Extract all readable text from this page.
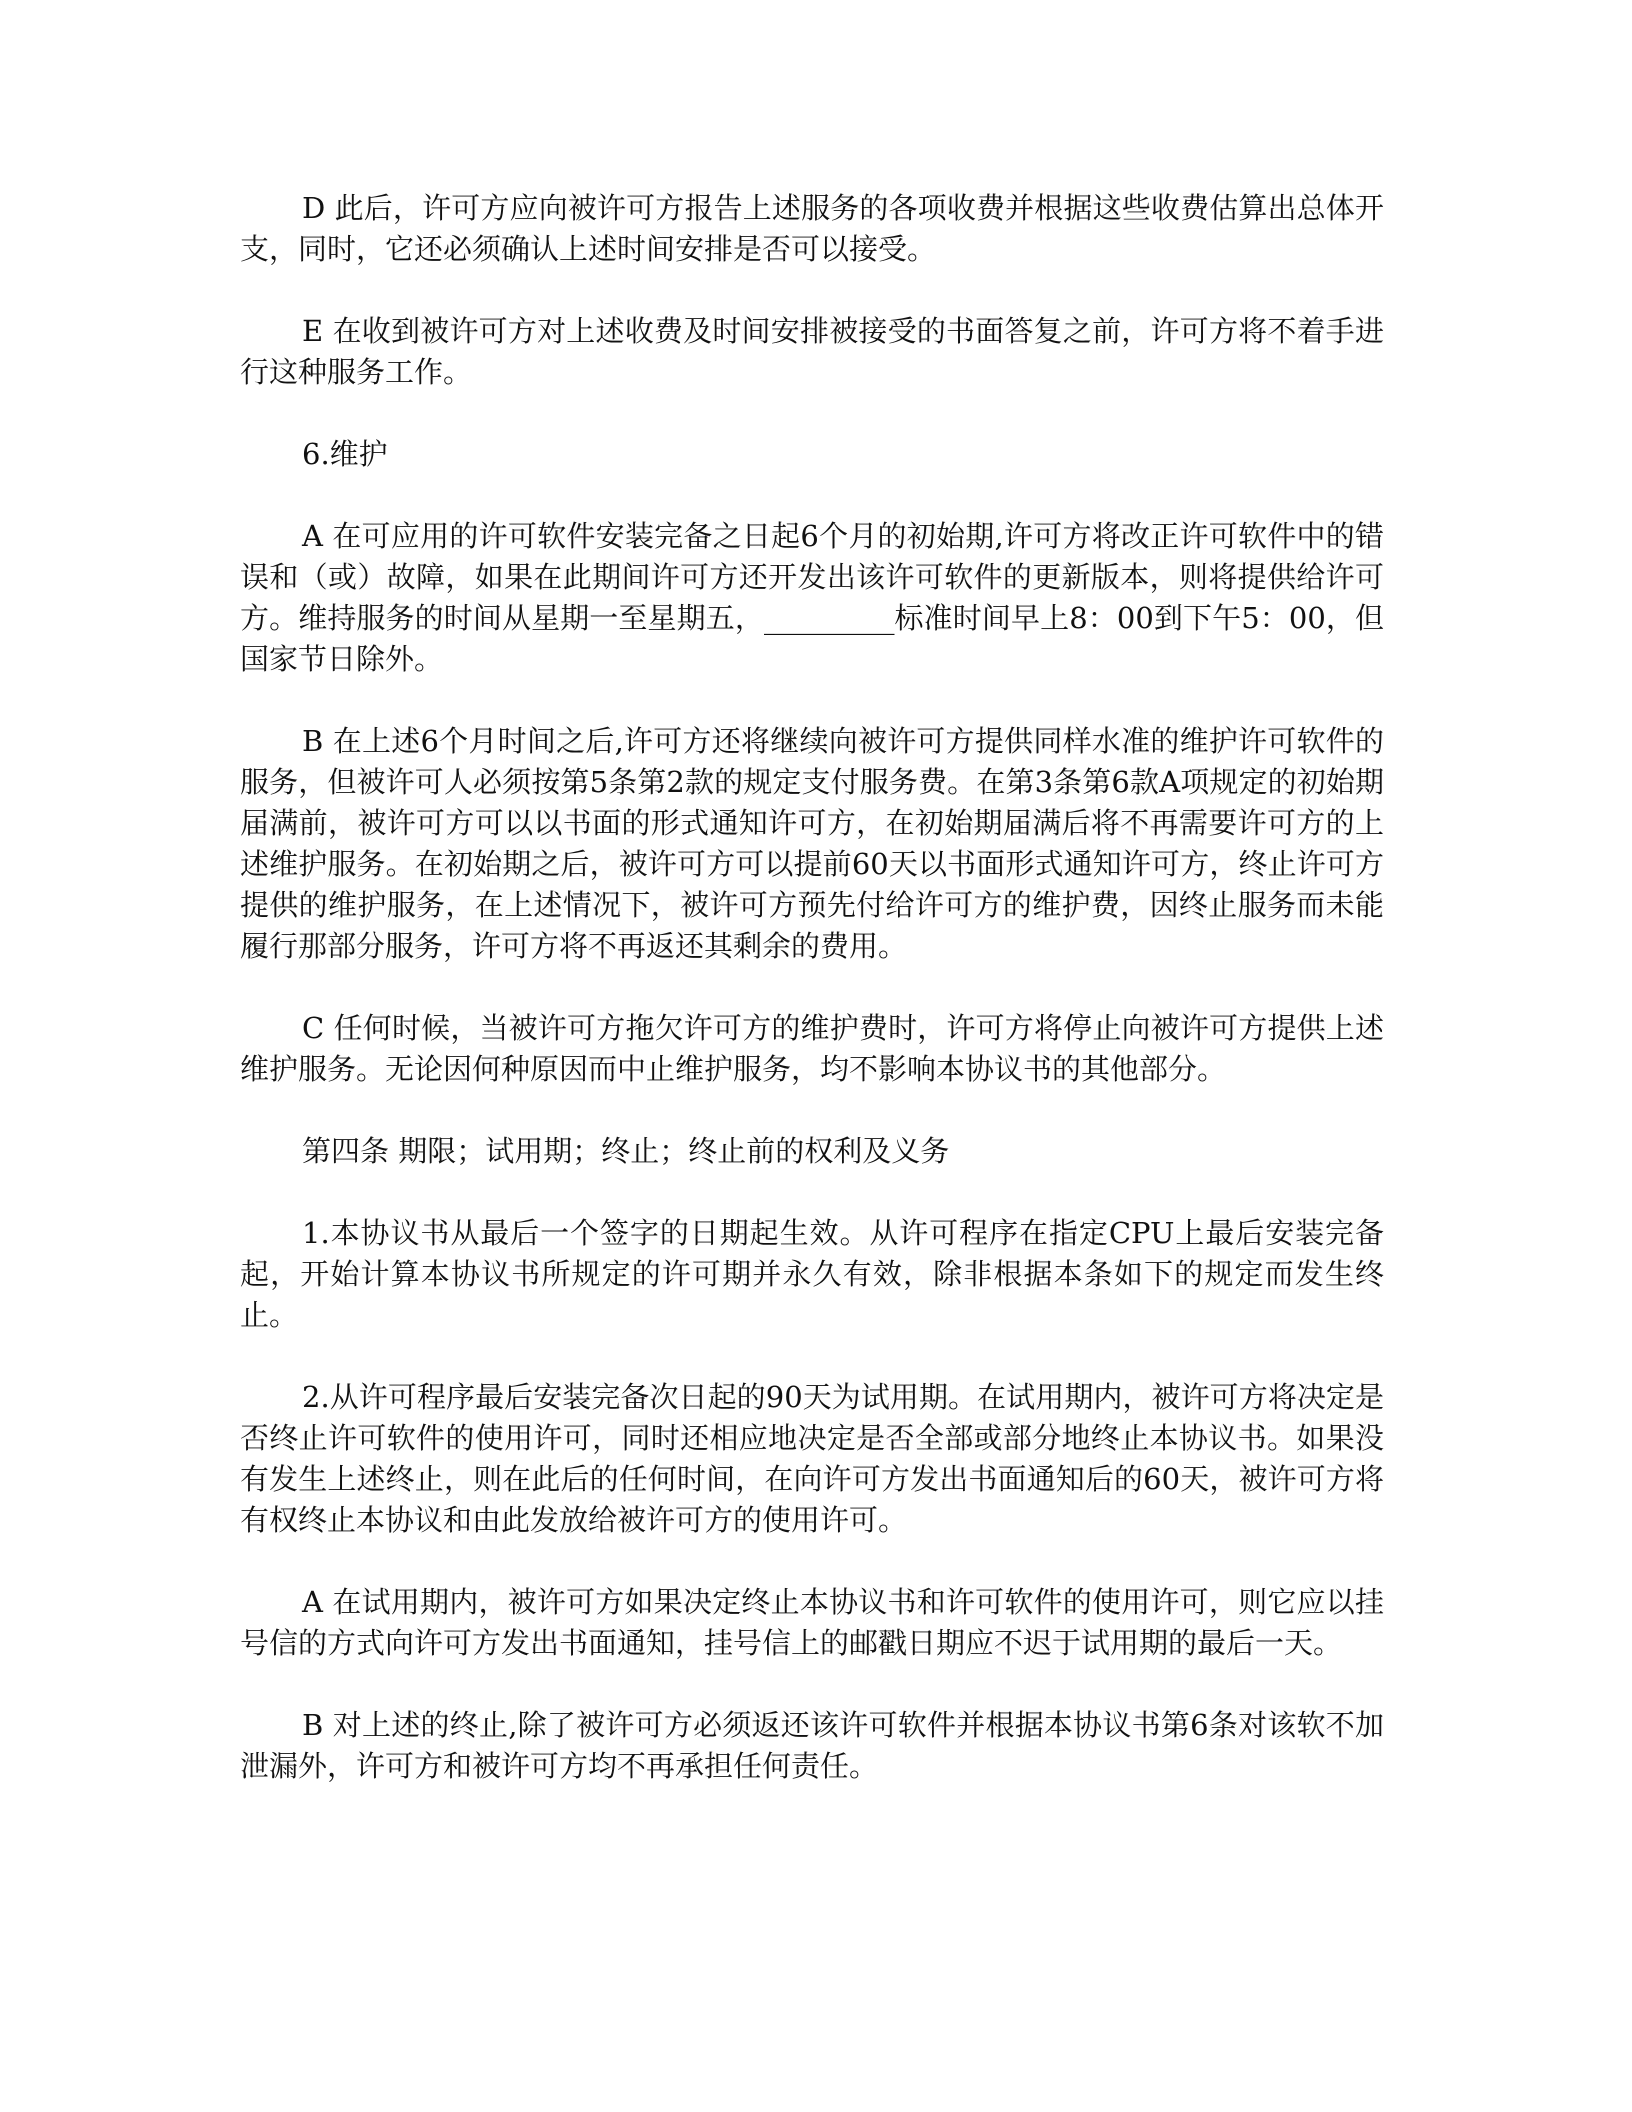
D 此后，许可方应向被许可方报告上述服务的各项收费并根据这些收费估算出总体开支，同时，它还必须确认上述时间安排是否可以接受。

E 在收到被许可方对上述收费及时间安排被接受的书面答复之前，许可方将不着手进行这种服务工作。

6.维护

A 在可应用的许可软件安装完备之日起6个月的初始期,许可方将改正许可软件中的错误和（或）故障，如果在此期间许可方还开发出该许可软件的更新版本，则将提供给许可方。维持服务的时间从星期一至星期五，_________标准时间早上8：00到下午5：00，但国家节日除外。

B 在上述6个月时间之后,许可方还将继续向被许可方提供同样水准的维护许可软件的服务，但被许可人必须按第5条第2款的规定支付服务费。在第3条第6款A项规定的初始期届满前，被许可方可以以书面的形式通知许可方，在初始期届满后将不再需要许可方的上述维护服务。在初始期之后，被许可方可以提前60天以书面形式通知许可方，终止许可方提供的维护服务，在上述情况下，被许可方预先付给许可方的维护费，因终止服务而未能履行那部分服务，许可方将不再返还其剩余的费用。

C 任何时候，当被许可方拖欠许可方的维护费时，许可方将停止向被许可方提供上述维护服务。无论因何种原因而中止维护服务，均不影响本协议书的其他部分。

第四条 期限；试用期；终止；终止前的权利及义务

1.本协议书从最后一个签字的日期起生效。从许可程序在指定CPU上最后安装完备起，开始计算本协议书所规定的许可期并永久有效，除非根据本条如下的规定而发生终止。

2.从许可程序最后安装完备次日起的90天为试用期。在试用期内，被许可方将决定是否终止许可软件的使用许可，同时还相应地决定是否全部或部分地终止本协议书。如果没有发生上述终止，则在此后的任何时间，在向许可方发出书面通知后的60天，被许可方将有权终止本协议和由此发放给被许可方的使用许可。

A 在试用期内，被许可方如果决定终止本协议书和许可软件的使用许可，则它应以挂号信的方式向许可方发出书面通知，挂号信上的邮戳日期应不迟于试用期的最后一天。

B 对上述的终止,除了被许可方必须返还该许可软件并根据本协议书第6条对该软不加泄漏外，许可方和被许可方均不再承担任何责任。
